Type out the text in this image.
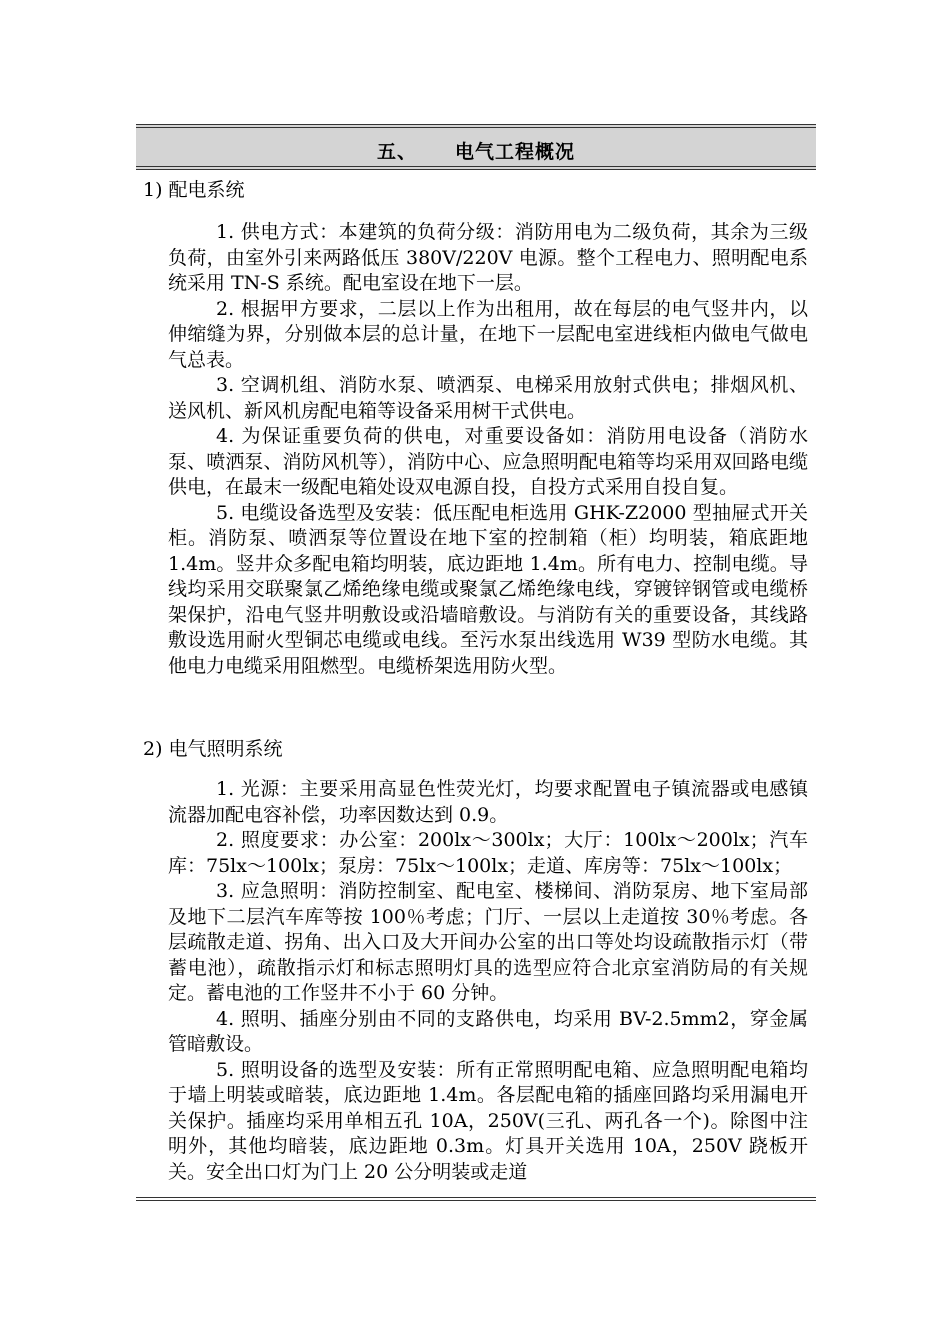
五、 电气工程概况
1) 配电系统

1. 供电方式：本建筑的负荷分级：消防用电为二级负荷，其余为三级负荷，由室外引来两路低压 380V/220V 电源。整个工程电力、照明配电系统采用 TN-S 系统。配电室设在地下一层。

2. 根据甲方要求，二层以上作为出租用，故在每层的电气竖井内，以伸缩缝为界，分别做本层的总计量，在地下一层配电室进线柜内做电气做电气总表。

3. 空调机组、消防水泵、喷洒泵、电梯采用放射式供电；排烟风机、送风机、新风机房配电箱等设备采用树干式供电。

4. 为保证重要负荷的供电，对重要设备如：消防用电设备（消防水泵、喷洒泵、消防风机等），消防中心、应急照明配电箱等均采用双回路电缆供电，在最末一级配电箱处设双电源自投，自投方式采用自投自复。

5. 电缆设备选型及安装：低压配电柜选用 GHK-Z2000 型抽屉式开关柜。消防泵、喷洒泵等位置设在地下室的控制箱（柜）均明装，箱底距地 1.4m。竖井众多配电箱均明装，底边距地 1.4m。所有电力、控制电缆。导线均采用交联聚氯乙烯绝缘电缆或聚氯乙烯绝缘电线，穿镀锌钢管或电缆桥架保护，沿电气竖井明敷设或沿墙暗敷设。与消防有关的重要设备，其线路敷设选用耐火型铜芯电缆或电线。至污水泵出线选用 W39 型防水电缆。其他电力电缆采用阻燃型。电缆桥架选用防火型。

2) 电气照明系统

1. 光源：主要采用高显色性荧光灯，均要求配置电子镇流器或电感镇流器加配电容补偿，功率因数达到 0.9。

2. 照度要求：办公室：200lx～300lx；大厅：100lx～200lx；汽车库：75lx～100lx；泵房：75lx～100lx；走道、库房等：75lx～100lx；

3. 应急照明：消防控制室、配电室、楼梯间、消防泵房、地下室局部及地下二层汽车库等按 100％考虑；门厅、一层以上走道按 30％考虑。各层疏散走道、拐角、出入口及大开间办公室的出口等处均设疏散指示灯（带蓄电池），疏散指示灯和标志照明灯具的选型应符合北京室消防局的有关规定。蓄电池的工作竖井不小于 60 分钟。

4. 照明、插座分别由不同的支路供电，均采用 BV-2.5mm2，穿金属管暗敷设。

5. 照明设备的选型及安装：所有正常照明配电箱、应急照明配电箱均于墙上明装或暗装，底边距地 1.4m。各层配电箱的插座回路均采用漏电开关保护。插座均采用单相五孔 10A，250V(三孔、两孔各一个)。除图中注明外，其他均暗装，底边距地 0.3m。灯具开关选用 10A，250V 跷板开关。安全出口灯为门上 20 公分明装或走道
